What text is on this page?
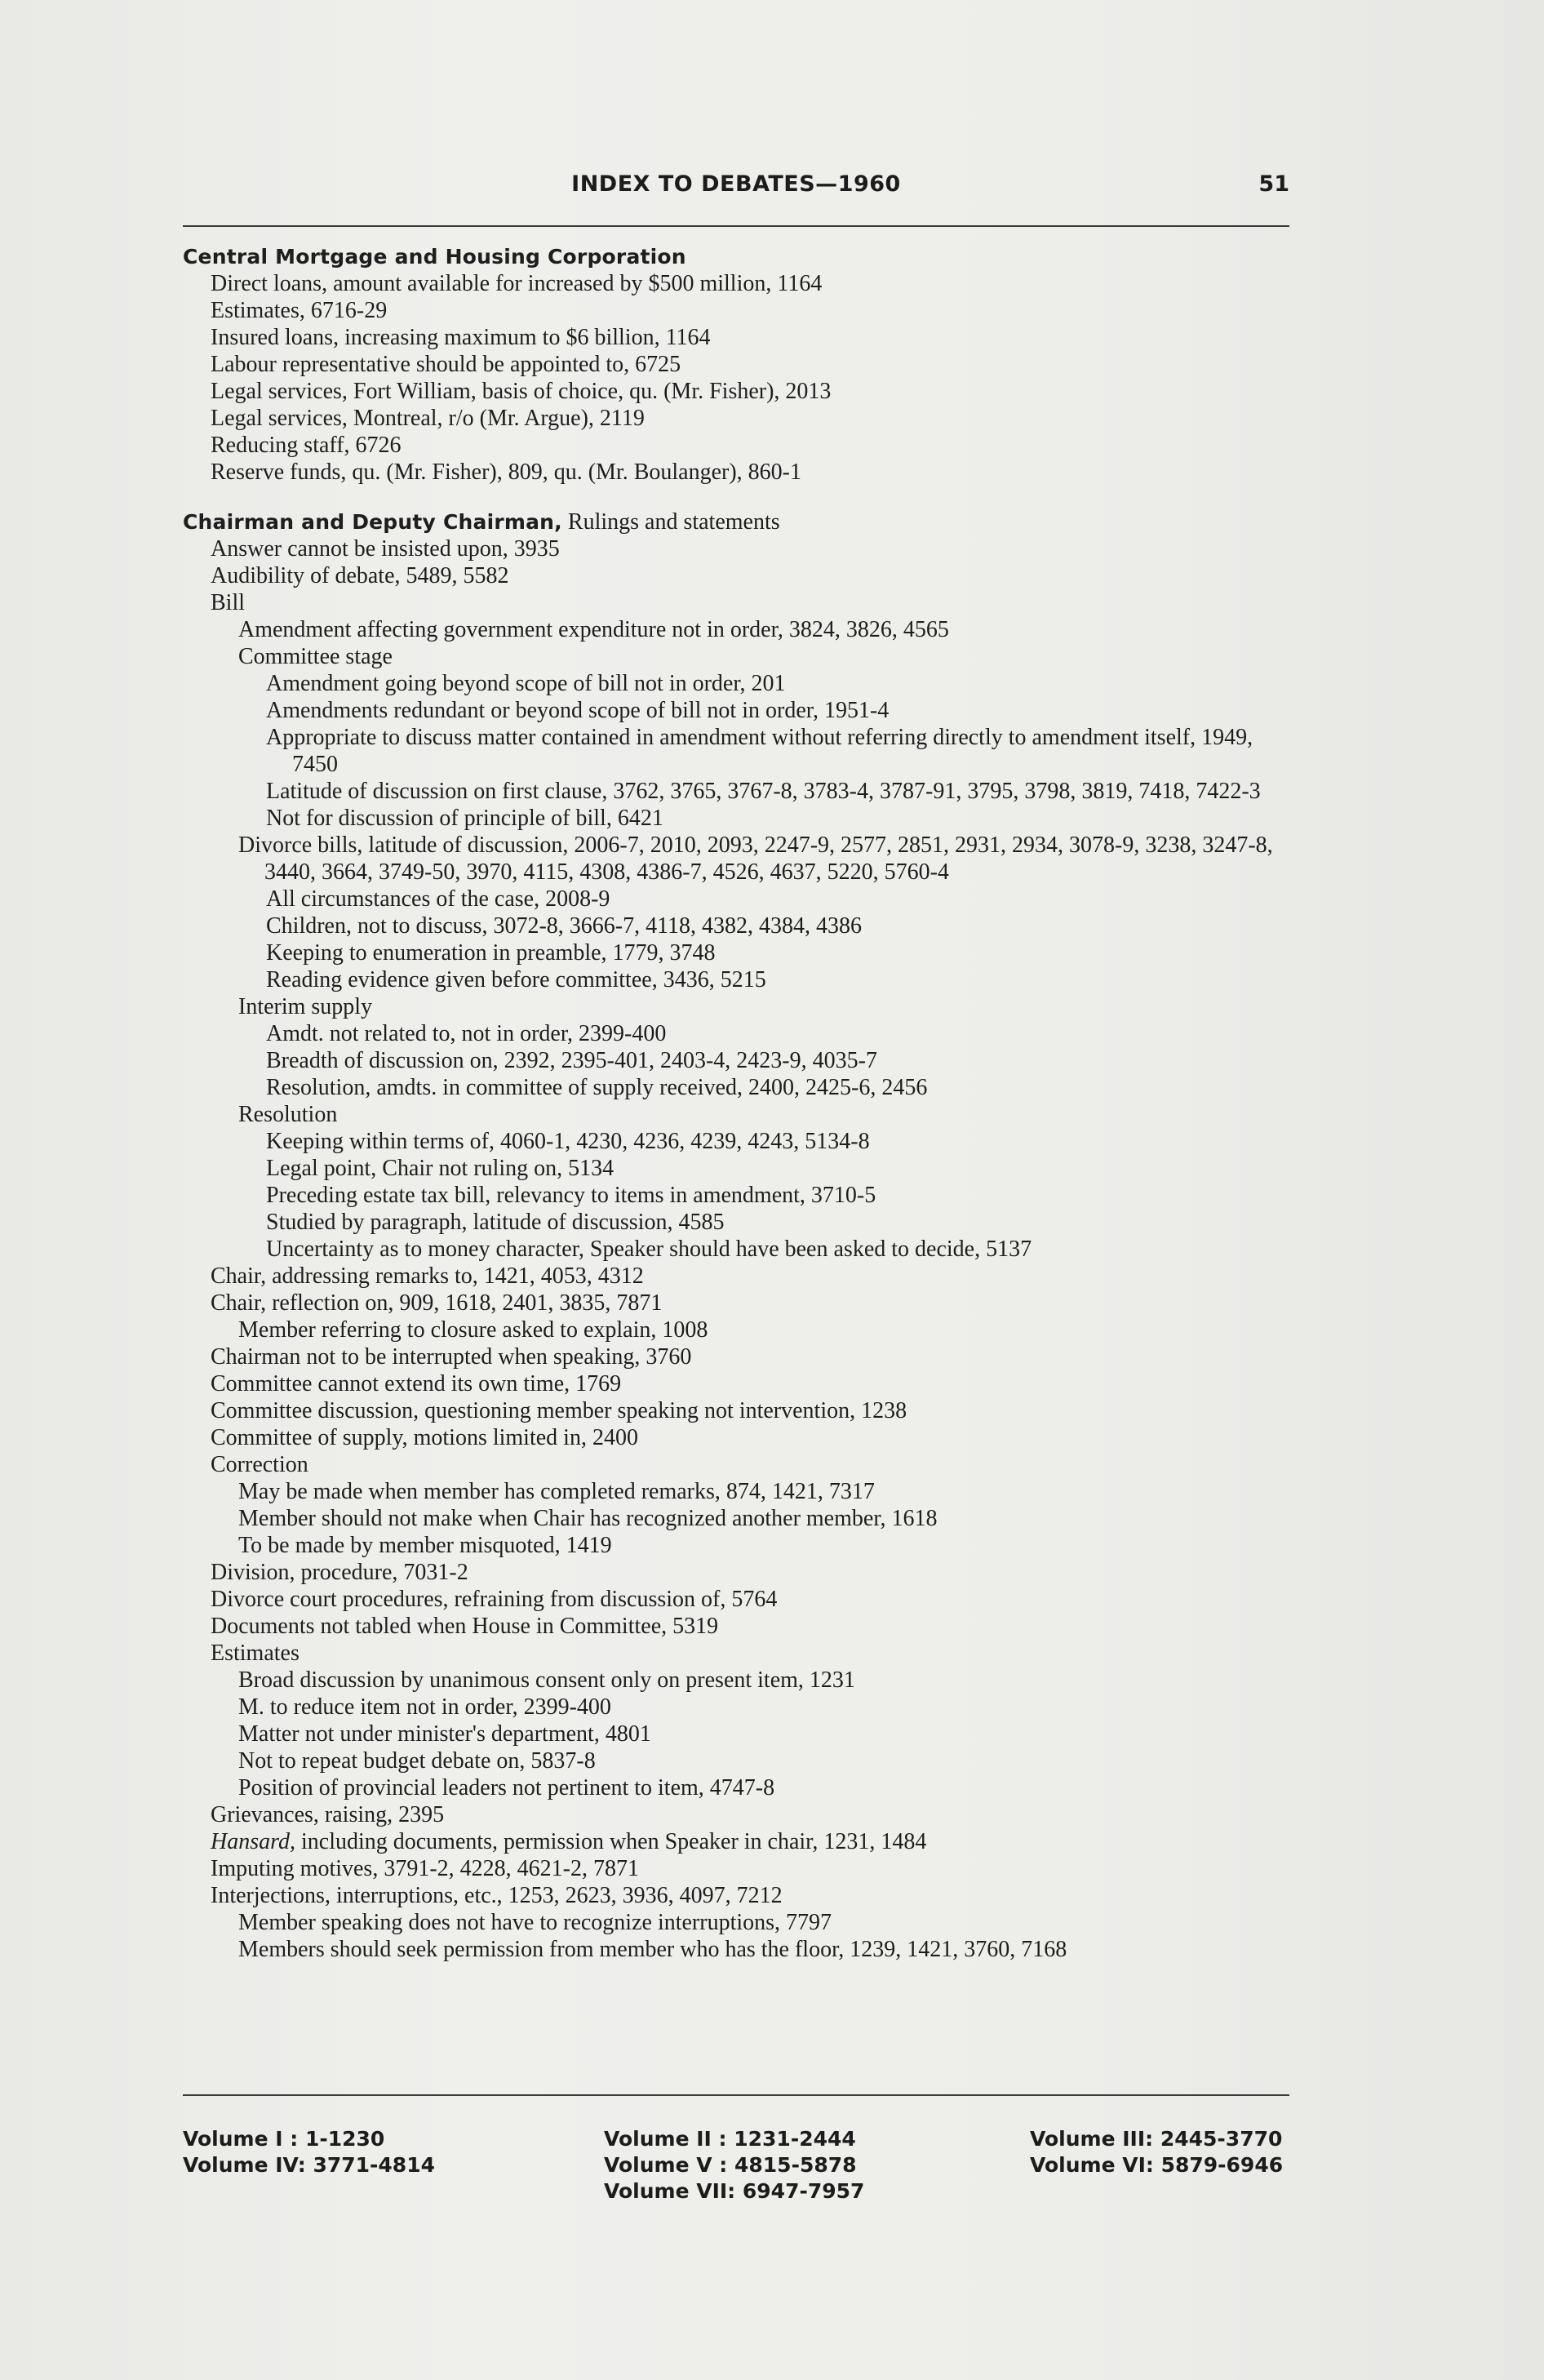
INDEX TO DEBATES—1960	51
Central Mortgage and Housing Corporation
Direct loans, amount available for increased by $500 million, 1164
Estimates, 6716-29
Insured loans, increasing maximum to $6 billion, 1164
Labour representative should be appointed to, 6725
Legal services, Fort William, basis of choice, qu. (Mr. Fisher), 2013
Legal services, Montreal, r/o (Mr. Argue), 2119
Reducing staff, 6726
Reserve funds, qu. (Mr. Fisher), 809, qu. (Mr. Boulanger), 860-1
Chairman and Deputy Chairman, Rulings and statements
Answer cannot be insisted upon, 3935
Audibility of debate, 5489, 5582
Bill
Amendment affecting government expenditure not in order, 3824, 3826, 4565
Committee stage
Amendment going beyond scope of bill not in order, 201
Amendments redundant or beyond scope of bill not in order, 1951-4
Appropriate to discuss matter contained in amendment without referring directly to amendment itself, 1949, 7450
Latitude of discussion on first clause, 3762, 3765, 3767-8, 3783-4, 3787-91, 3795, 3798, 3819, 7418, 7422-3
Not for discussion of principle of bill, 6421
Divorce bills, latitude of discussion, 2006-7, 2010, 2093, 2247-9, 2577, 2851, 2931, 2934, 3078-9, 3238, 3247-8, 3440, 3664, 3749-50, 3970, 4115, 4308, 4386-7, 4526, 4637, 5220, 5760-4
All circumstances of the case, 2008-9
Children, not to discuss, 3072-8, 3666-7, 4118, 4382, 4384, 4386
Keeping to enumeration in preamble, 1779, 3748
Reading evidence given before committee, 3436, 5215
Interim supply
Amdt. not related to, not in order, 2399-400
Breadth of discussion on, 2392, 2395-401, 2403-4, 2423-9, 4035-7
Resolution, amdts. in committee of supply received, 2400, 2425-6, 2456
Resolution
Keeping within terms of, 4060-1, 4230, 4236, 4239, 4243, 5134-8
Legal point, Chair not ruling on, 5134
Preceding estate tax bill, relevancy to items in amendment, 3710-5
Studied by paragraph, latitude of discussion, 4585
Uncertainty as to money character, Speaker should have been asked to decide, 5137
Chair, addressing remarks to, 1421, 4053, 4312
Chair, reflection on, 909, 1618, 2401, 3835, 7871
Member referring to closure asked to explain, 1008
Chairman not to be interrupted when speaking, 3760
Committee cannot extend its own time, 1769
Committee discussion, questioning member speaking not intervention, 1238
Committee of supply, motions limited in, 2400
Correction
May be made when member has completed remarks, 874, 1421, 7317
Member should not make when Chair has recognized another member, 1618
To be made by member misquoted, 1419
Division, procedure, 7031-2
Divorce court procedures, refraining from discussion of, 5764
Documents not tabled when House in Committee, 5319
Estimates
Broad discussion by unanimous consent only on present item, 1231
M. to reduce item not in order, 2399-400
Matter not under minister's department, 4801
Not to repeat budget debate on, 5837-8
Position of provincial leaders not pertinent to item, 4747-8
Grievances, raising, 2395
Hansard, including documents, permission when Speaker in chair, 1231, 1484
Imputing motives, 3791-2, 4228, 4621-2, 7871
Interjections, interruptions, etc., 1253, 2623, 3936, 4097, 7212
Member speaking does not have to recognize interruptions, 7797
Members should seek permission from member who has the floor, 1239, 1421, 3760, 7168
Volume I : 1-1230
Volume IV: 3771-4814
Volume II : 1231-2444
Volume V : 4815-5878
Volume VII: 6947-7957
Volume III: 2445-3770
Volume VI: 5879-6946
